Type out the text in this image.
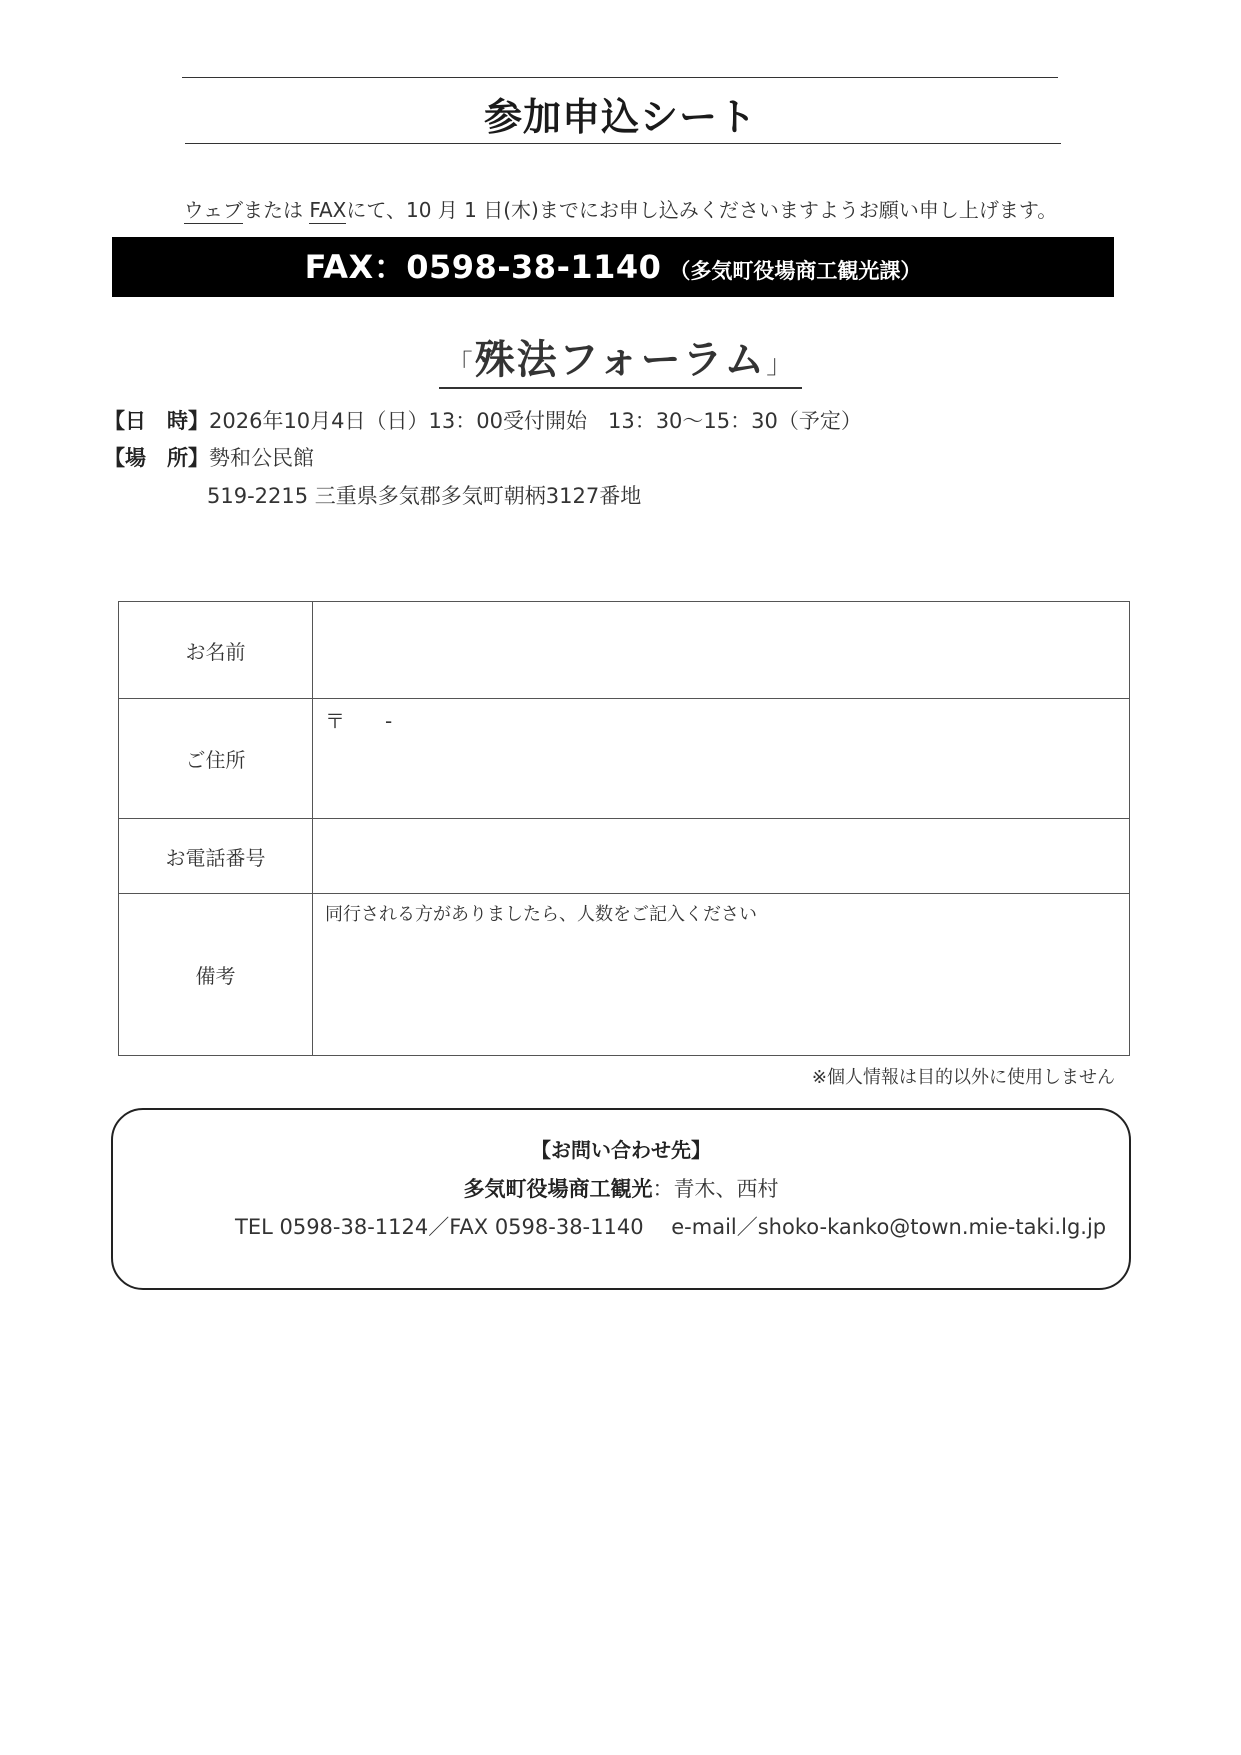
参加申込シート
ウェブまたは FAXにて、10 月 1 日(木)までにお申し込みくださいますようお願い申し上げます。
FAX：0598-38-1140 （多気町役場商工観光課）
「殊法フォーラム」
【日　時】2026年10月4日（日）13：00受付開始　13：30〜15：30（予定）
【場　所】勢和公民館
519-2215 三重県多気郡多気町朝柄3127番地
お名前	
ご住所	〒　　-
お電話番号	
備考	同行される方がありましたら、人数をご記入ください
※個人情報は目的以外に使用しません
【お問い合わせ先】
多気町役場商工観光：青木、西村
TEL 0598-38-1124／FAX 0598-38-1140　 e-mail／shoko-kanko@town.mie-taki.lg.jp
